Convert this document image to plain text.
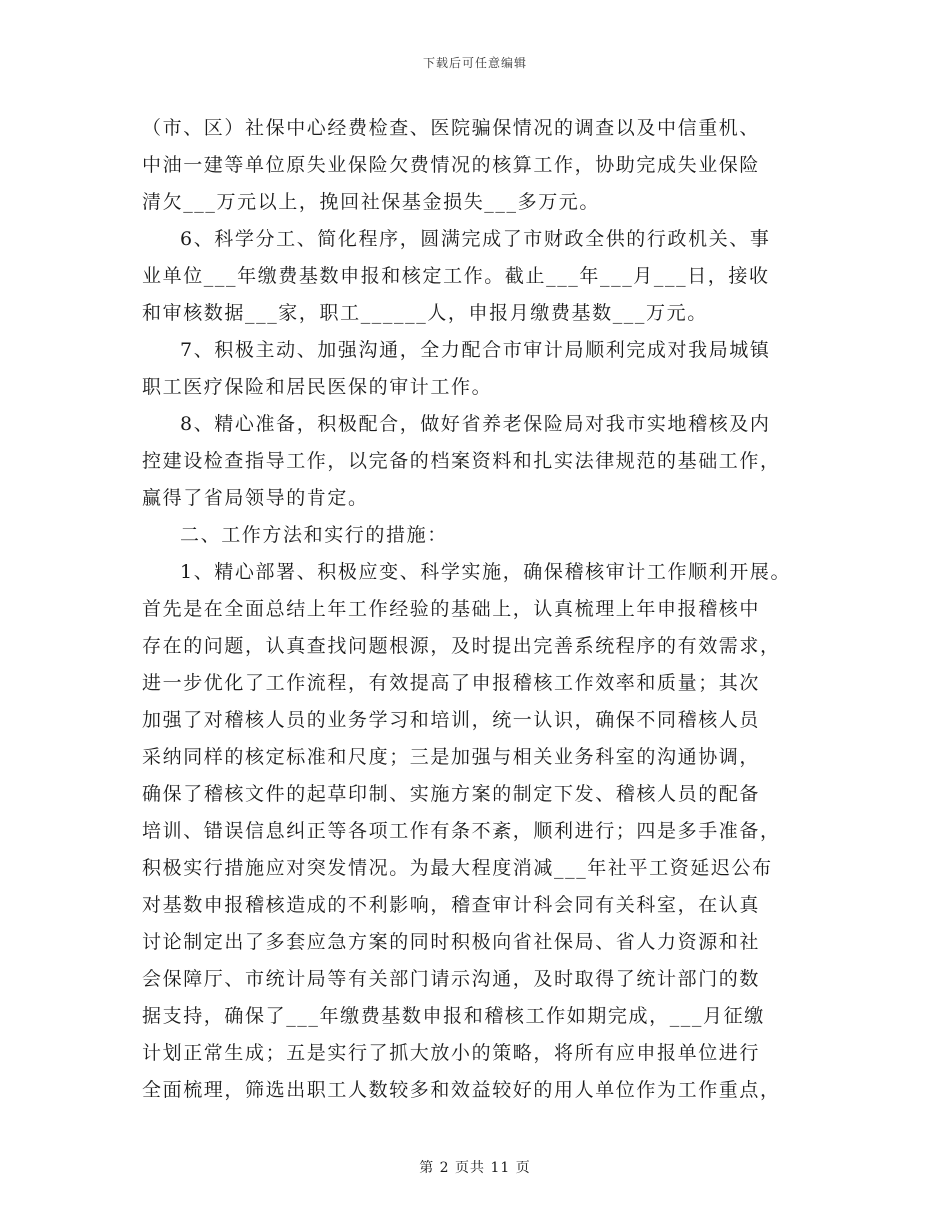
下载后可任意编辑
（市、区）社保中心经费检查、医院骗保情况的调查以及中信重机、
中油一建等单位原失业保险欠费情况的核算工作，协助完成失业保险
清欠___万元以上，挽回社保基金损失___多万元。
6、科学分工、简化程序，圆满完成了市财政全供的行政机关、事
业单位___年缴费基数申报和核定工作。截止___年___月___日，接收
和审核数据___家，职工______人，申报月缴费基数___万元。
7、积极主动、加强沟通，全力配合市审计局顺利完成对我局城镇
职工医疗保险和居民医保的审计工作。
8、精心准备，积极配合，做好省养老保险局对我市实地稽核及内
控建设检查指导工作，以完备的档案资料和扎实法律规范的基础工作，
赢得了省局领导的肯定。
二、工作方法和实行的措施：
1、精心部署、积极应变、科学实施，确保稽核审计工作顺利开展。
首先是在全面总结上年工作经验的基础上，认真梳理上年申报稽核中
存在的问题，认真查找问题根源，及时提出完善系统程序的有效需求，
进一步优化了工作流程，有效提高了申报稽核工作效率和质量；其次
加强了对稽核人员的业务学习和培训，统一认识，确保不同稽核人员
采纳同样的核定标准和尺度；三是加强与相关业务科室的沟通协调，
确保了稽核文件的起草印制、实施方案的制定下发、稽核人员的配备
培训、错误信息纠正等各项工作有条不紊，顺利进行；四是多手准备，
积极实行措施应对突发情况。为最大程度消减___年社平工资延迟公布
对基数申报稽核造成的不利影响，稽查审计科会同有关科室，在认真
讨论制定出了多套应急方案的同时积极向省社保局、省人力资源和社
会保障厅、市统计局等有关部门请示沟通，及时取得了统计部门的数
据支持，确保了___年缴费基数申报和稽核工作如期完成，___月征缴
计划正常生成；五是实行了抓大放小的策略，将所有应申报单位进行
全面梳理，筛选出职工人数较多和效益较好的用人单位作为工作重点，
第 2 页共 11 页
